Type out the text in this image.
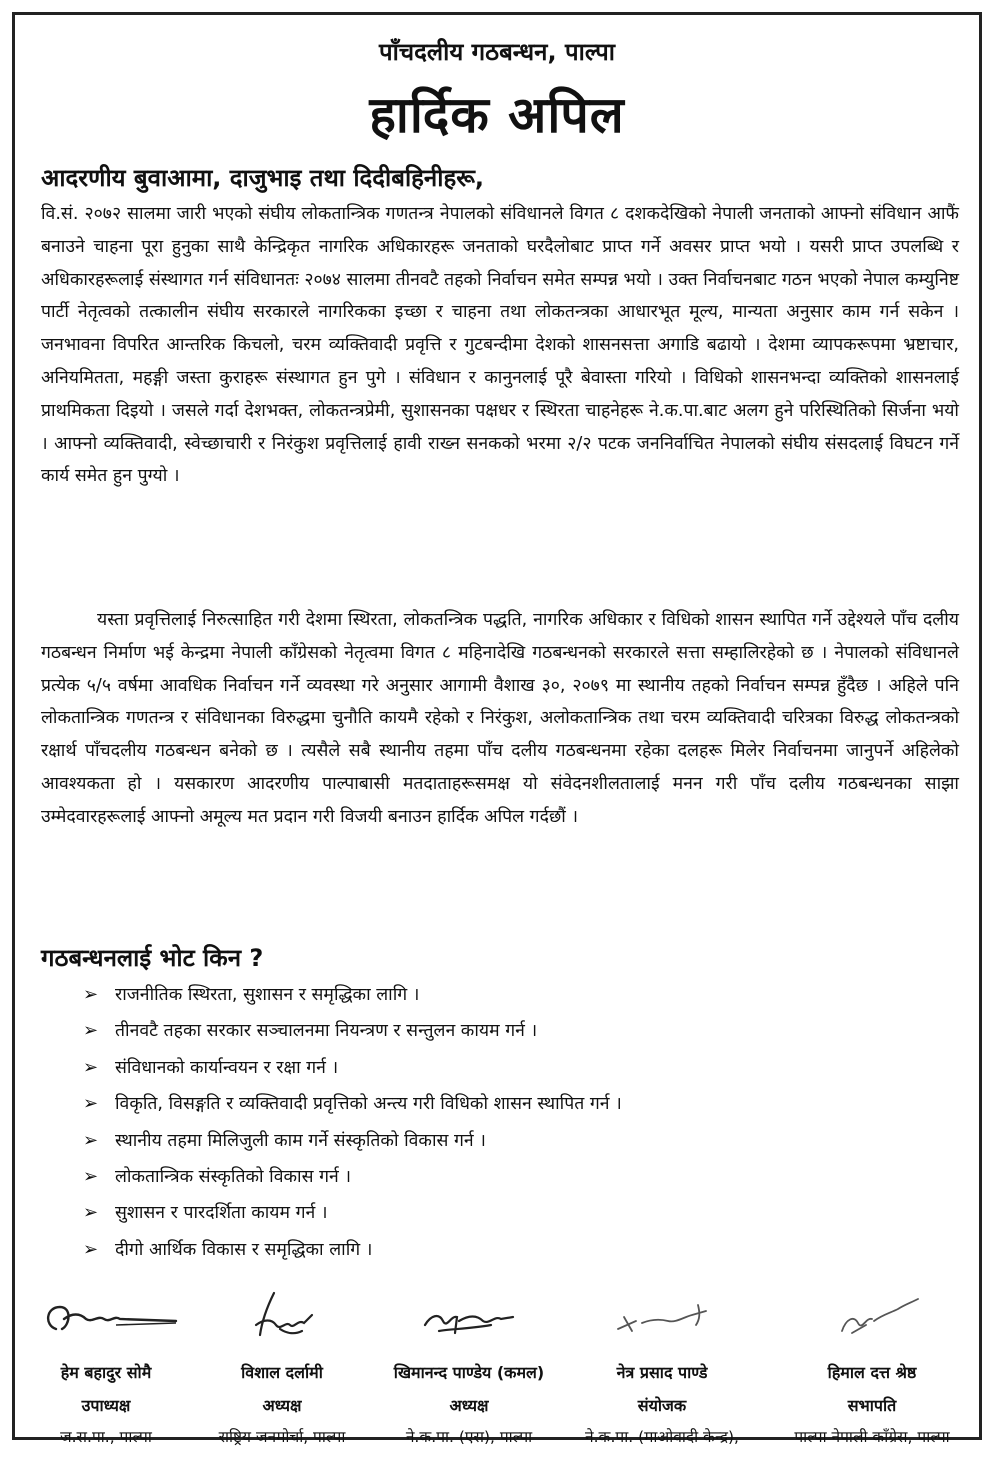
पाँचदलीय गठबन्धन, पाल्पा
हार्दिक अपिल
आदरणीय बुवाआमा, दाजुभाइ तथा दिदीबहिनीहरू,

वि.सं. २०७२ सालमा जारी भएको संघीय लोकतान्त्रिक गणतन्त्र नेपालको संविधानले विगत ८ दशकदेखिको नेपाली जनताको आफ्नो संविधान आफैं बनाउने चाहना पूरा हुनुका साथै केन्द्रिकृत नागरिक अधिकारहरू जनताको घरदैलोबाट प्राप्त गर्ने अवसर प्राप्त भयो । यसरी प्राप्त उपलब्धि र अधिकारहरूलाई संस्थागत गर्न संविधानतः २०७४ सालमा तीनवटै तहको निर्वाचन समेत सम्पन्न भयो । उक्त निर्वाचनबाट गठन भएको नेपाल कम्युनिष्ट पार्टी नेतृत्वको तत्कालीन संघीय सरकारले नागरिकका इच्छा र चाहना तथा लोकतन्त्रका आधारभूत मूल्य, मान्यता अनुसार काम गर्न सकेन । जनभावना विपरित आन्तरिक किचलो, चरम व्यक्तिवादी प्रवृत्ति र गुटबन्दीमा देशको शासनसत्ता अगाडि बढायो । देशमा व्यापकरूपमा भ्रष्टाचार, अनियमितता, महङ्गी जस्ता कुराहरू संस्थागत हुन पुगे । संविधान र कानुनलाई पूरै बेवास्ता गरियो । विधिको शासनभन्दा व्यक्तिको शासनलाई प्राथमिकता दिइयो । जसले गर्दा देशभक्त, लोकतन्त्रप्रेमी, सुशासनका पक्षधर र स्थिरता चाहनेहरू ने.क.पा.बाट अलग हुने परिस्थितिको सिर्जना भयो । आफ्नो व्यक्तिवादी, स्वेच्छाचारी र निरंकुश प्रवृत्तिलाई हावी राख्न सनकको भरमा २/२ पटक जननिर्वाचित नेपालको संघीय संसदलाई विघटन गर्ने कार्य समेत हुन पुग्यो ।

यस्ता प्रवृत्तिलाई निरुत्साहित गरी देशमा स्थिरता, लोकतन्त्रिक पद्धति, नागरिक अधिकार र विधिको शासन स्थापित गर्ने उद्देश्यले पाँच दलीय गठबन्धन निर्माण भई केन्द्रमा नेपाली काँग्रेसको नेतृत्वमा विगत ८ महिनादेखि गठबन्धनको सरकारले सत्ता सम्हालिरहेको छ । नेपालको संविधानले प्रत्येक ५/५ वर्षमा आवधिक निर्वाचन गर्ने व्यवस्था गरे अनुसार आगामी वैशाख ३०, २०७९ मा स्थानीय तहको निर्वाचन सम्पन्न हुँदैछ । अहिले पनि लोकतान्त्रिक गणतन्त्र र संविधानका विरुद्धमा चुनौति कायमै रहेको र निरंकुश, अलोकतान्त्रिक तथा चरम व्यक्तिवादी चरित्रका विरुद्ध लोकतन्त्रको रक्षार्थ पाँचदलीय गठबन्धन बनेको छ । त्यसैले सबै स्थानीय तहमा पाँच दलीय गठबन्धनमा रहेका दलहरू मिलेर निर्वाचनमा जानुपर्ने अहिलेको आवश्यकता हो । यसकारण आदरणीय पाल्पाबासी मतदाताहरूसमक्ष यो संवेदनशीलतालाई मनन गरी पाँच दलीय गठबन्धनका साझा उम्मेदवारहरूलाई आफ्नो अमूल्य मत प्रदान गरी विजयी बनाउन हार्दिक अपिल गर्दछौं ।

गठबन्धनलाई भोट किन ?
➢ राजनीतिक स्थिरता, सुशासन र समृद्धिका लागि ।
➢ तीनवटै तहका सरकार सञ्चालनमा नियन्त्रण र सन्तुलन कायम गर्न ।
➢ संविधानको कार्यान्वयन र रक्षा गर्न ।
➢ विकृति, विसङ्गति र व्यक्तिवादी प्रवृत्तिको अन्त्य गरी विधिको शासन स्थापित गर्न ।
➢ स्थानीय तहमा मिलिजुली काम गर्ने संस्कृतिको विकास गर्न ।
➢ लोकतान्त्रिक संस्कृतिको विकास गर्न ।
➢ सुशासन र पारदर्शिता कायम गर्न ।
➢ दीगो आर्थिक विकास र समृद्धिका लागि ।
हेम बहादुर सोमै
उपाध्यक्ष
ज.स.पा., पाल्पा
विशाल दर्लामी
अध्यक्ष
राष्ट्रिय जनमोर्चा, पाल्पा
खिमानन्द पाण्डेय (कमल)
अध्यक्ष
ने.क.पा. (एस), पाल्पा
नेत्र प्रसाद पाण्डे
संयोजक
ने.क.पा. (माओवादी केन्द्र),
हिमाल दत्त श्रेष्ठ
सभापति
पाल्पा नेपाली काँग्रेस, पाल्पा
